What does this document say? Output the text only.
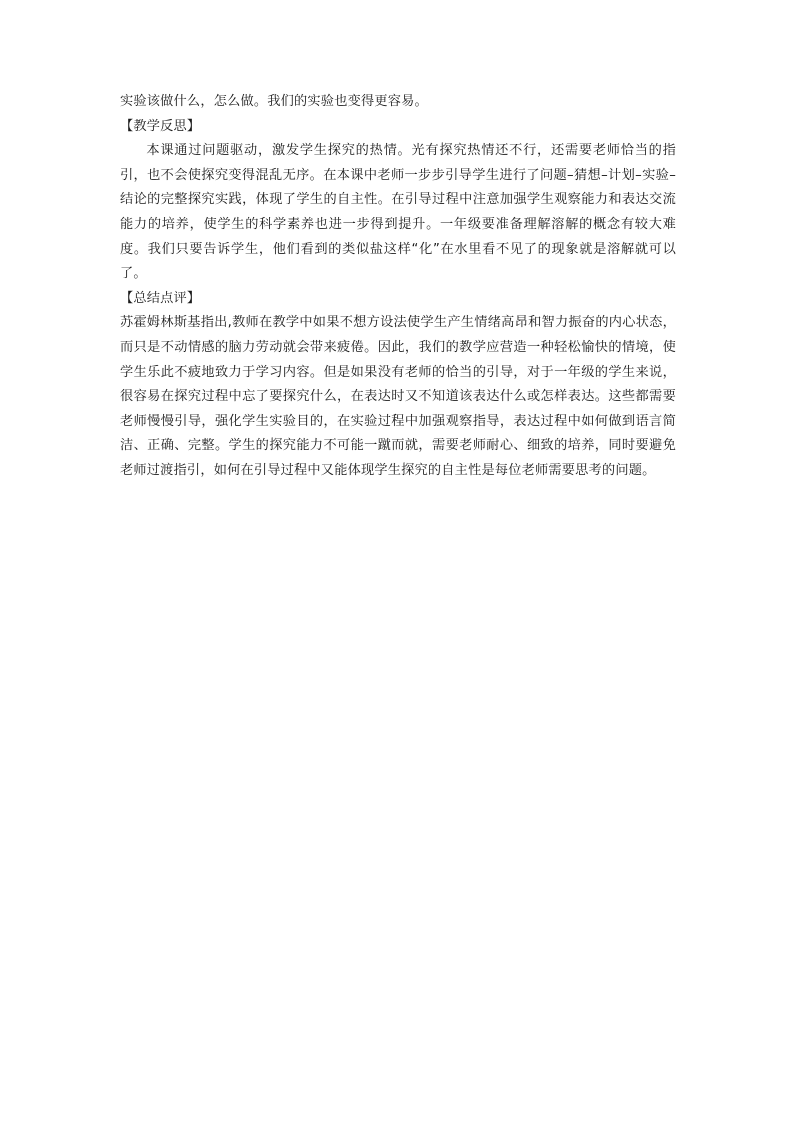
实验该做什么，怎么做。我们的实验也变得更容易。

【教学反思】

本课通过问题驱动，激发学生探究的热情。光有探究热情还不行，还需要老师恰当的指引，也不会使探究变得混乱无序。在本课中老师一步步引导学生进行了问题–猜想–计划–实验–结论的完整探究实践，体现了学生的自主性。在引导过程中注意加强学生观察能力和表达交流能力的培养，使学生的科学素养也进一步得到提升。一年级要准备理解溶解的概念有较大难度。我们只要告诉学生，他们看到的类似盐这样“化”在水里看不见了的现象就是溶解就可以了。

【总结点评】

苏霍姆林斯基指出,教师在教学中如果不想方设法使学生产生情绪高昂和智力振奋的内心状态，而只是不动情感的脑力劳动就会带来疲倦。因此，我们的教学应营造一种轻松愉快的情境，使学生乐此不疲地致力于学习内容。但是如果没有老师的恰当的引导，对于一年级的学生来说，很容易在探究过程中忘了要探究什么，在表达时又不知道该表达什么或怎样表达。这些都需要老师慢慢引导，强化学生实验目的，在实验过程中加强观察指导，表达过程中如何做到语言简洁、正确、完整。学生的探究能力不可能一蹴而就，需要老师耐心、细致的培养，同时要避免老师过渡指引，如何在引导过程中又能体现学生探究的自主性是每位老师需要思考的问题。
